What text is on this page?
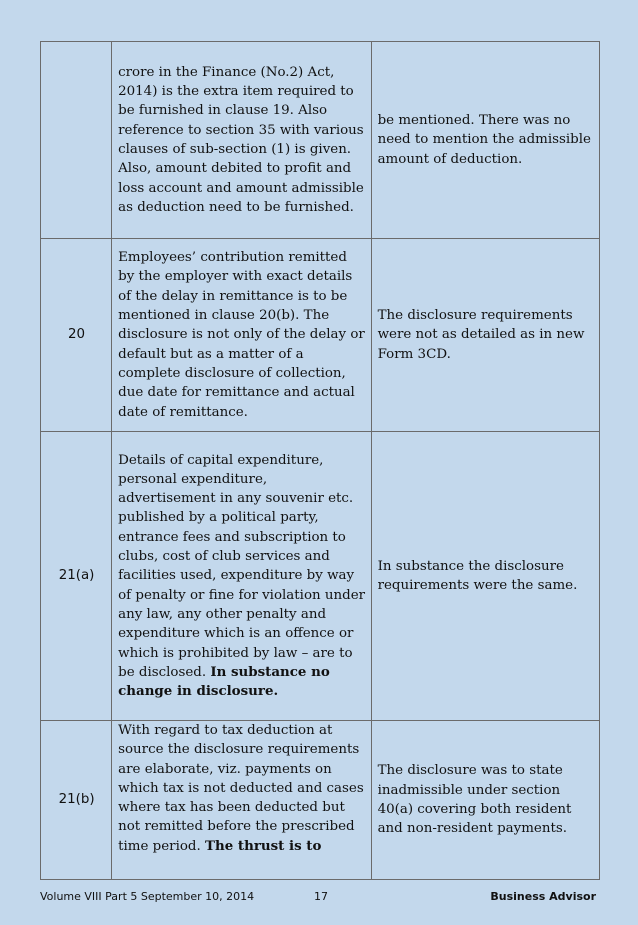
	crore in the Finance (No.2) Act, 2014) is the extra item required to be furnished in clause 19. Also reference to section 35 with various clauses of sub-section (1) is given. Also, amount debited to profit and loss account and amount admissible as deduction need to be furnished.	be mentioned. There was no need to mention the admissible amount of deduction.
20	Employees’ contribution remitted by the employer with exact details of the delay in remittance is to be mentioned in clause 20(b). The disclosure is not only of the delay or default but as a matter of a complete disclosure of collection, due date for remittance and actual date of remittance.	The disclosure requirements were not as detailed as in new Form 3CD.
21(a)	Details of capital expenditure, personal expenditure, advertisement in any souvenir etc. published by a political party, entrance fees and subscription to clubs, cost of club services and facilities used, expenditure by way of penalty or fine for violation under any law, any other penalty and expenditure which is an offence or which is prohibited by law – are to be disclosed. In substance no change in disclosure.	In substance the disclosure requirements were the same.
21(b)	With regard to tax deduction at source the disclosure requirements are elaborate, viz. payments on which tax is not deducted and cases where tax has been deducted but not remitted before the prescribed time period. The thrust is to	The disclosure was to state inadmissible under section 40(a) covering both resident and non-resident payments.
Volume VIII Part 5 September 10, 2014	17	Business Advisor
